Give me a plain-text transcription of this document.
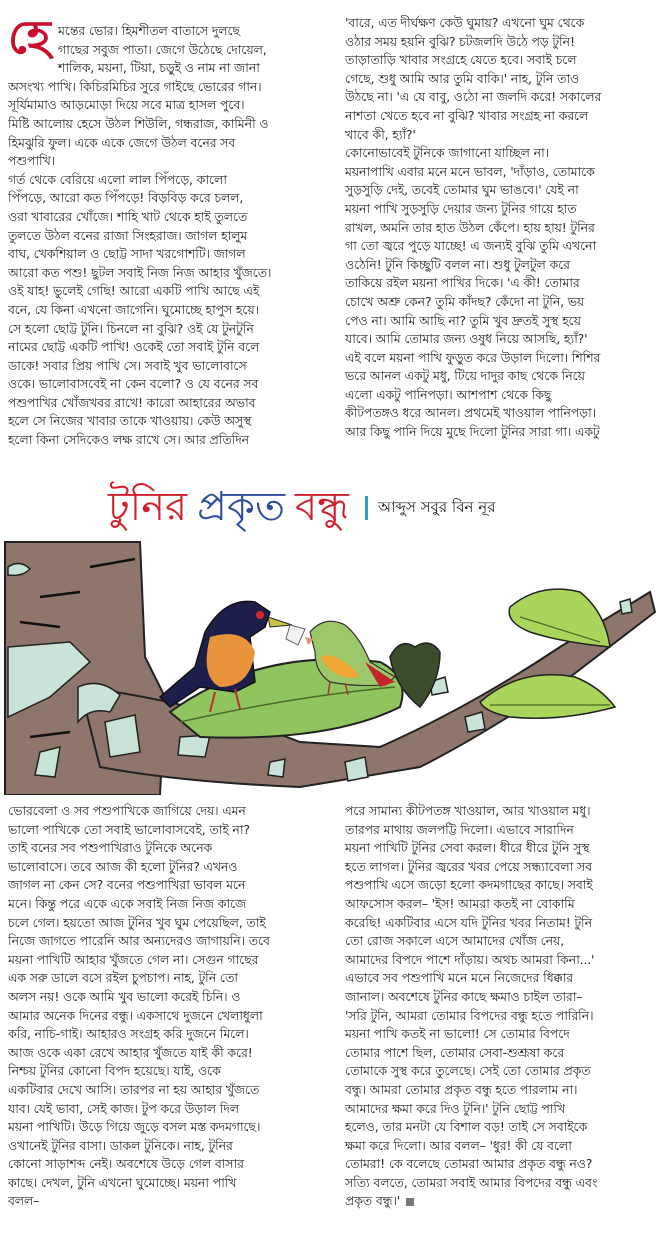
হে মন্তের ভোর। হিমশীতল বাতাসে দুলছে
গাছের সবুজ পাতা। জেগে উঠেছে দোয়েল,
শালিক, ময়না, টিয়া, চড়ুই ও নাম না জানা
অসংখ্য পাখি। কিচিরমিচির সুরে গাইছে ভোরের গান।
সূর্যিমামাও আড়মোড়া দিয়ে সবে মাত্র হাসল পুবে।
মিষ্টি আলোয় হেসে উঠল শিউলি, গন্ধরাজ, কামিনী ও
হিমঝুরি ফুল। একে একে জেগে উঠল বনের সব
পশুপাখি।
গর্ত থেকে বেরিয়ে এলো লাল পিঁপড়ে, কালো
পিঁপড়ে, আরো কত পিঁপড়ে! বিড়বিড় করে চলল,
ওরা খাবারের খোঁজে। শাহি খাট থেকে হাই তুলতে
তুলতে উঠল বনের রাজা সিংহরাজ। জাগল হালুম
বাঘ, খেকশিয়াল ও ছোট্ট সাদা খরগোশটি। জাগল
আরো কত পশু! ছুটল সবাই নিজ নিজ আহার খুঁজতে।
ওই যাহ! ভুলেই গেছি! আরো একটি পাখি আছে এই
বনে, যে কিনা এখনো জাগেনি। ঘুমোচ্ছে হাপুস হয়ে।
সে হলো ছোট্ট টুনি। চিনলে না বুঝি? ওই যে টুনটুনি
নামের ছোট্ট একটি পাখি! ওকেই তো সবাই টুনি বলে
ডাকে! সবার প্রিয় পাখি সে। সবাই খুব ভালোবাসে
ওকে। ভালোবাসবেই না কেন বলো? ও যে বনের সব
পশুপাখির খোঁজখবর রাখে! কারো আহারের অভাব
হলে সে নিজের খাবার তাকে খাওয়ায়। কেউ অসুস্থ
হলো কিনা সেদিকেও লক্ষ রাখে সে। আর প্রতিদিন
'বারে, এত দীর্ঘক্ষণ কেউ ঘুমায়? এখনো ঘুম থেকে
ওঠার সময় হয়নি বুঝি? চটজলদি উঠে পড় টুনি!
তাড়াতাড়ি খাবার সংগ্রহে যেতে হবে। সবাই চলে
গেছে, শুধু আমি আর তুমি বাকি।' নাহ, টুনি তাও
উঠছে না। 'এ যে বাবু, ওঠো না জলদি করে! সকালের
নাশতা খেতে হবে না বুঝি? খাবার সংগ্রহ না করলে
খাবে কী, হ্যাঁ?'
কোনোভাবেই টুনিকে জাগানো যাচ্ছিল না।
ময়নাপাখি এবার মনে মনে ভাবল, 'দাঁড়াও, তোমাকে
সুড়সুড়ি দেই, তবেই তোমার ঘুম ভাঙবে।' যেই না
ময়না পাখি সুড়সুড়ি দেয়ার জন্য টুনির গায়ে হাত
রাখল, অমনি তার হাত উঠল কেঁপে। হায় হায়! টুনির
গা তো জ্বরে পুড়ে যাচ্ছে! এ জন্যই বুঝি তুমি এখনো
ওঠেনি! টুনি কিচ্ছুটি বলল না। শুধু টুলটুল করে
তাকিয়ে রইল ময়না পাখির দিকে। 'এ কী! তোমার
চোখে অশ্রু কেন? তুমি কাঁদছ? কেঁদো না টুনি, ভয়
পেও না। আমি আছি না? তুমি খুব দ্রুতই সুস্থ হয়ে
যাবে। আমি তোমার জন্য ওষুধ নিয়ে আসছি, হ্যাঁ?'
এই বলে ময়না পাখি ফুড়ুত করে উড়াল দিলো। শিশির
ভরে আনল একটু মধু, টিয়ে দাদুর কাছ থেকে নিয়ে
এলো একটু পানিপড়া। আশপাশ থেকে কিছু
কীটপতঙ্গও ধরে আনল। প্রথমেই খাওয়াল পানিপড়া।
আর কিছু পানি দিয়ে মুছে দিলো টুনির সারা গা। একটু
টুনির প্রকৃত বন্ধু আব্দুস সবুর বিন নূর
ভোরবেলা ও সব পশুপাখিকে জাগিয়ে দেয়। এমন
ভালো পাখিকে তো সবাই ভালোবাসবেই, তাই না?
তাই বনের সব পশুপাখিরাও টুনিকে অনেক
ভালোবাসে। তবে আজ কী হলো টুনির? এখনও
জাগল না কেন সে? বনের পশুপাখিরা ভাবল মনে
মনে। কিন্তু পরে একে একে সবাই নিজ নিজ কাজে
চলে গেল। হয়তো আজ টুনির খুব ঘুম পেয়েছিল, তাই
নিজে জাগতে পারেনি আর অন্যদেরও জাগায়নি। তবে
ময়না পাখিটি আহার খুঁজতে গেল না। সেগুন গাছের
এক সরু ডালে বসে রইল চুপচাপ। নাহ, টুনি তো
অলস নয়! ওকে আমি খুব ভালো করেই চিনি। ও
আমার অনেক দিনের বন্ধু। একসাথে দুজনে খেলাধুলা
করি, নাচি-গাই। আহারও সংগ্রহ করি দুজনে মিলে।
আজ ওকে একা রেখে আহার খুঁজতে যাই কী করে!
নিশ্চয় টুনির কোনো বিপদ হয়েছে। যাই, ওকে
একটিবার দেখে আসি। তারপর না হয় আহার খুঁজতে
যাব। যেই ভাবা, সেই কাজ। টুপ করে উড়াল দিল
ময়না পাখিটি। উড়ে গিয়ে জুড়ে বসল মস্ত কদমগাছে।
ওখানেই টুনির বাসা। ডাকল টুনিকে। নাহ, টুনির
কোনো সাড়াশব্দ নেই। অবশেষে উড়ে গেল বাসার
কাছে। দেখল, টুনি এখনো ঘুমোচ্ছে। ময়না পাখি
বলল–
পরে সামান্য কীটপতঙ্গ খাওয়াল, আর খাওয়াল মধু।
তারপর মাথায় জলপট্টি দিলো। এভাবে সারাদিন
ময়না পাখিটি টুনির সেবা করল। ধীরে ধীরে টুনি সুস্থ
হতে লাগল। টুনির জ্বরের খবর পেয়ে সন্ধ্যাবেলা সব
পশুপাখি এসে জড়ো হলো কদমগাছের কাছে। সবাই
আফসোস করল– 'ইস! আমরা কতই না বোকামি
করেছি! একটিবার এসে যদি টুনির খবর নিতাম! টুনি
তো রোজ সকালে এসে আমাদের খোঁজ নেয়,
আমাদের বিপদে পাশে দাঁড়ায়। অথচ আমরা কিনা...'
এভাবে সব পশুপাখি মনে মনে নিজেদের ধিক্কার
জানাল। অবশেষে টুনির কাছে ক্ষমাও চাইল তারা–
'সরি টুনি, আমরা তোমার বিপদের বন্ধু হতে পারিনি।
ময়না পাখি কতই না ভালো! সে তোমার বিপদে
তোমার পাশে ছিল, তোমার সেবা-শুশ্রূষা করে
তোমাকে সুস্থ করে তুলেছে। সেই তো তোমার প্রকৃত
বন্ধু। আমরা তোমার প্রকৃত বন্ধু হতে পারলাম না।
আমাদের ক্ষমা করে দিও টুনি।' টুনি ছোট্ট পাখি
হলেও, তার মনটা যে বিশাল বড়! তাই সে সবাইকে
ক্ষমা করে দিলো। আর বলল– 'ধুর! কী যে বলো
তোমরা! কে বলেছে তোমরা আমার প্রকৃত বন্ধু নও?
সত্যি বলতে, তোমরা সবাই আমার বিপদের বন্ধু এবং
প্রকৃত বন্ধু।'
